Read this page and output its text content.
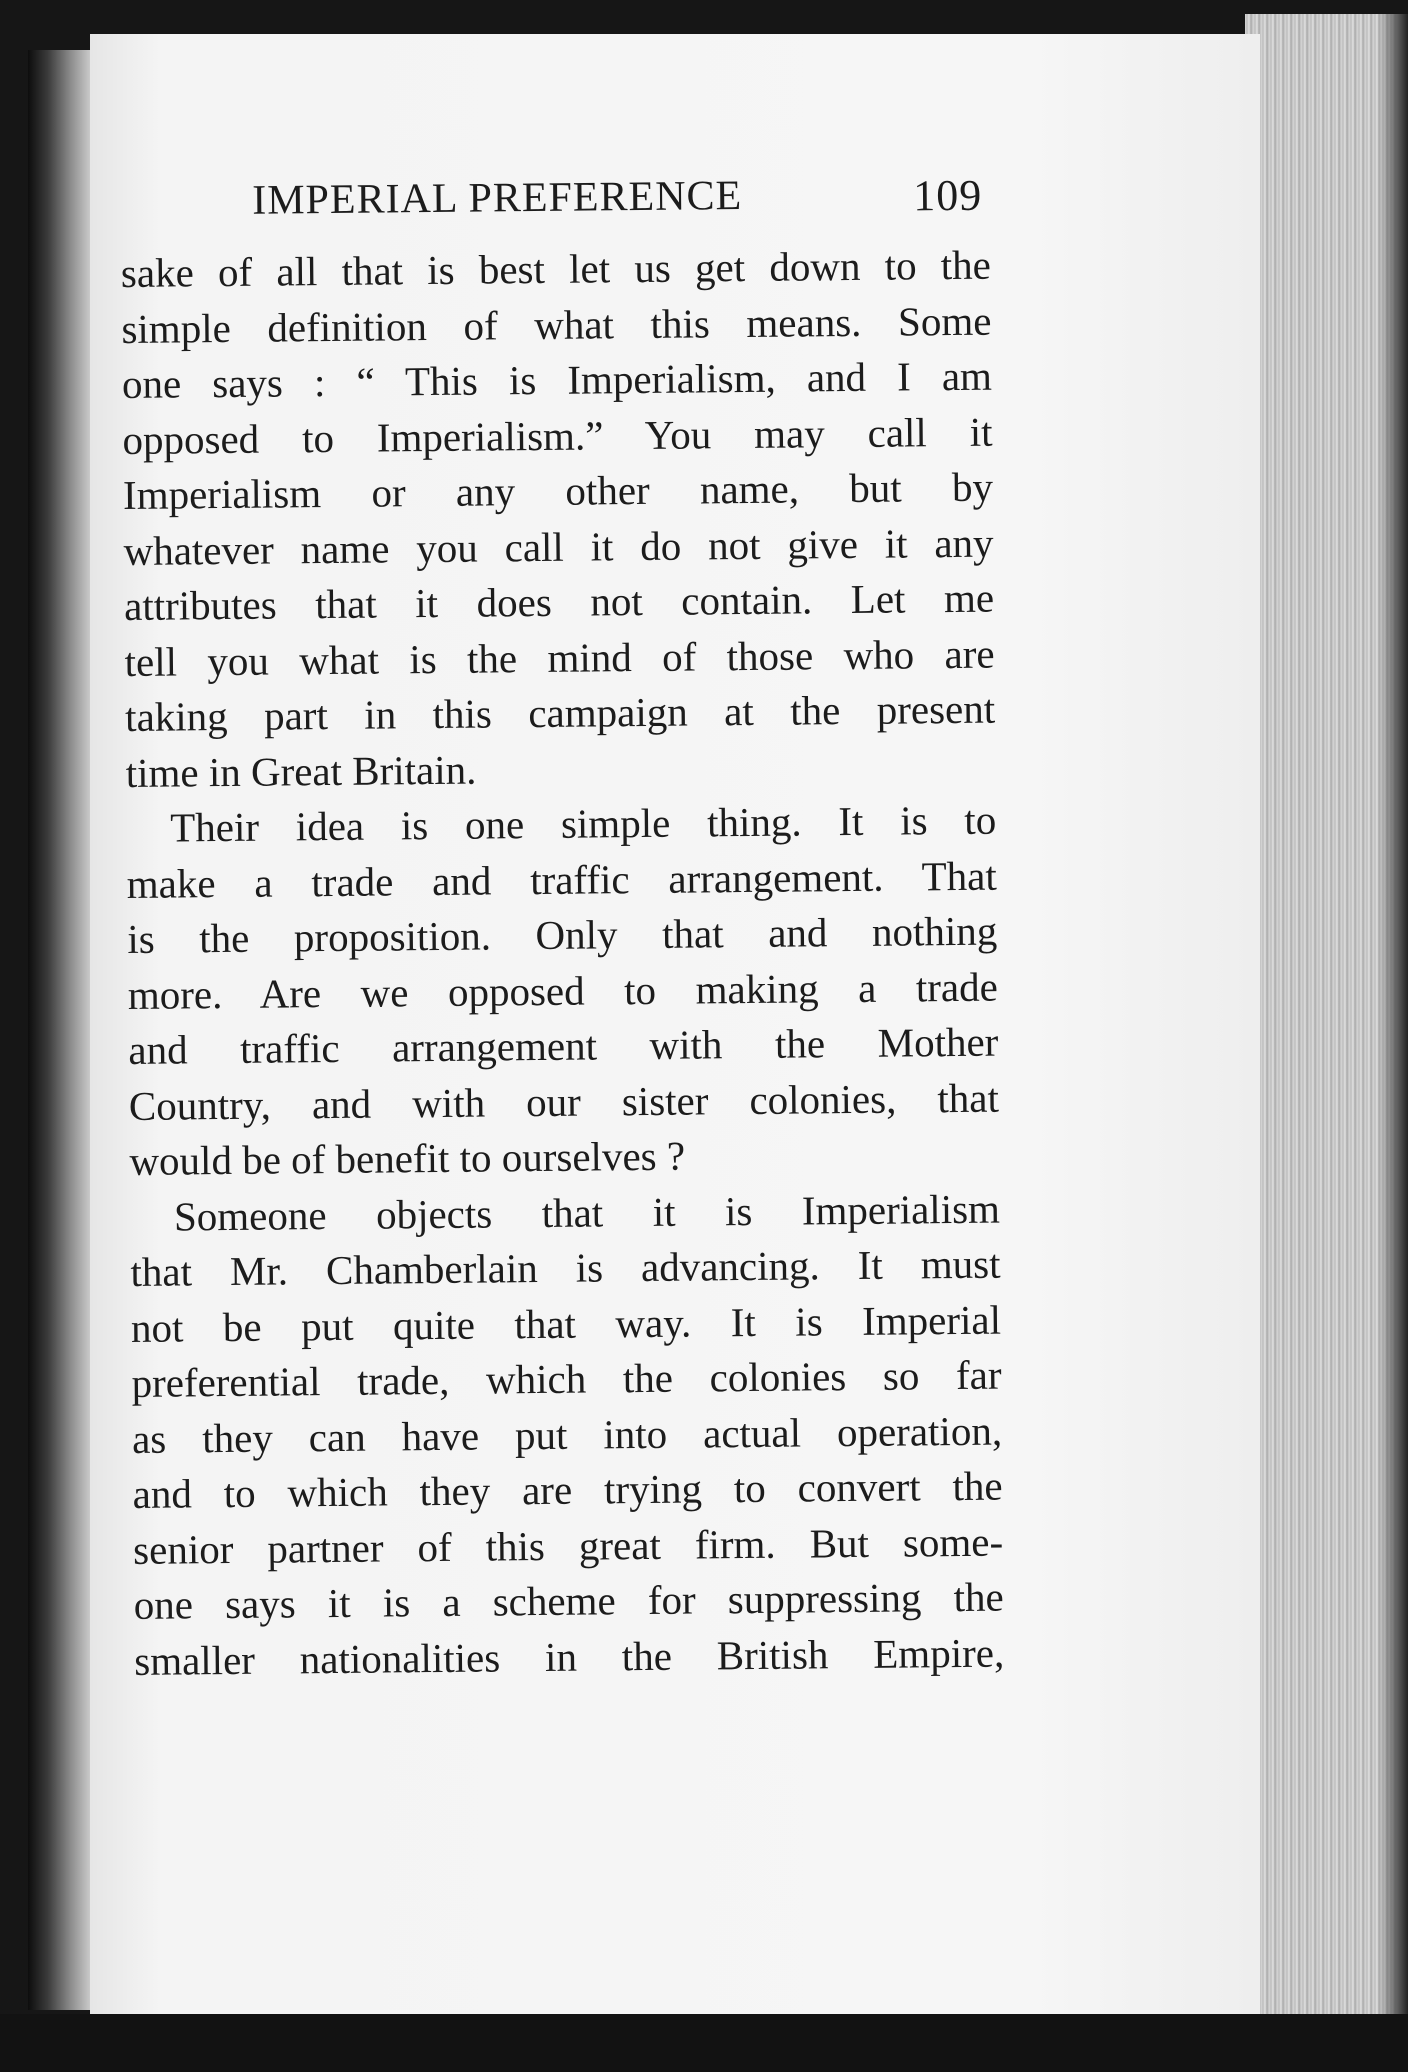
IMPERIAL PREFERENCE	109
sake of all that is best let us get down to the
simple definition of what this means. Some
one says : “ This is Imperialism, and I am
opposed to Imperialism.” You may call it
Imperialism or any other name, but by
whatever name you call it do not give it any
attributes that it does not contain. Let me
tell you what is the mind of those who are
taking part in this campaign at the present
time in Great Britain.
Their idea is one simple thing. It is to
make a trade and traffic arrangement. That
is the proposition. Only that and nothing
more. Are we opposed to making a trade
and traffic arrangement with the Mother
Country, and with our sister colonies, that
would be of benefit to ourselves ?
Someone objects that it is Imperialism
that Mr. Chamberlain is advancing. It must
not be put quite that way. It is Imperial
preferential trade, which the colonies so far
as they can have put into actual operation,
and to which they are trying to convert the
senior partner of this great firm. But some-
one says it is a scheme for suppressing the
smaller nationalities in the British Empire,
